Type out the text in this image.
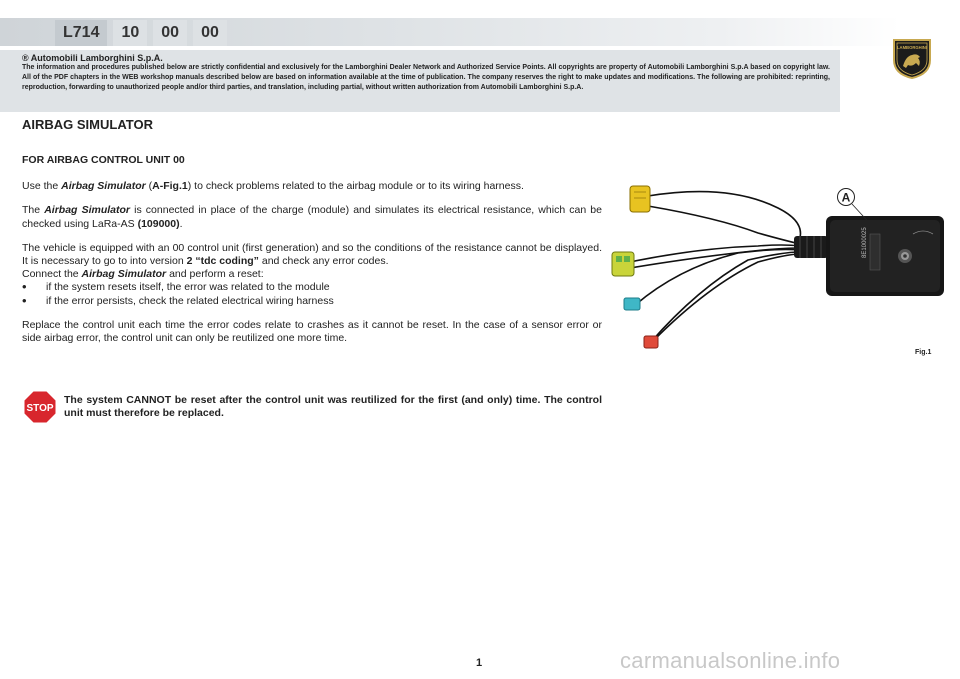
L714	10	00	00
® Automobili Lamborghini S.p.A.
The information and procedures published below are strictly confidential and exclusively for the Lamborghini Dealer Network and Authorized Service Points. All copyrights are property of Automobili Lamborghini S.p.A based on copyright law. All of the PDF chapters in the WEB workshop manuals described below are based on information available at the time of publication. The company reserves the right to make updates and modifications. The following are prohibited: reprinting, reproduction, forwarding to unauthorized people and/or third parties, and translation, including partial, without written authorization from Automobili Lamborghini S.p.A.
LAMBORGHINI
AIRBAG SIMULATOR

FOR AIRBAG CONTROL UNIT 00

Use the Airbag Simulator (A-Fig.1) to check problems related to the airbag module or to its wiring harness.

The Airbag Simulator is connected in place of the charge (module) and simulates its electrical resistance, which can be checked using LaRa-AS (109000).

The vehicle is equipped with an 00 control unit (first generation) and so the conditions of the resistance cannot be displayed. It is necessary to go to into version 2 “tdc coding” and check any error codes.

Connect the Airbag Simulator and perform a reset:

• if the system resets itself, the error was related to the module
• if the error persists, check the related electrical wiring harness

Replace the control unit each time the error codes relate to crashes as it cannot be reset. In the case of a sensor error or side airbag error, the control unit can only be reutilized one more time.

STOP
The system CANNOT be reset after the control unit was reutilized for the first (and only) time. The control unit must therefore be replaced.
8E1000025
A
Fig.1
1	carmanualsonline.info
